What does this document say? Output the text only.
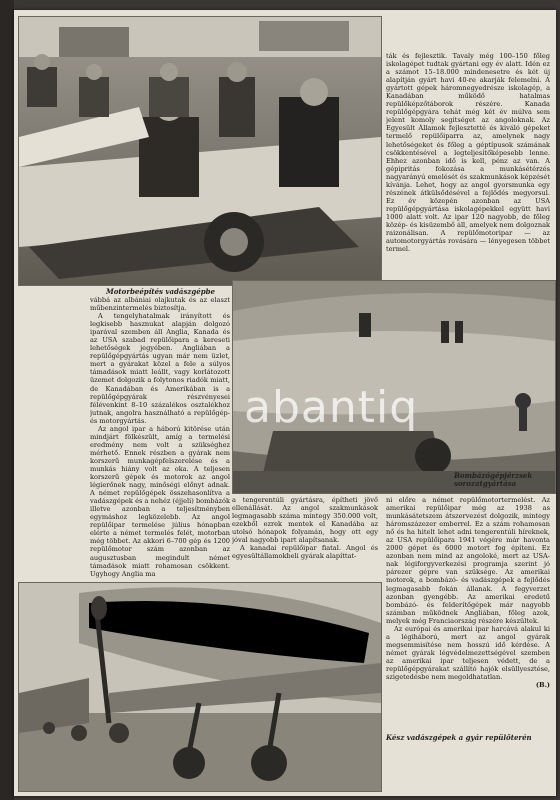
Motorbeépítés vadászgépbe

ták és fejlesztik. Tavaly még 100–150 főleg iskolagépet tudtak gyártani egy év alatt. Idén ez a számot 15–18.000 mindenesetre és két új alapítján gyárt havi 40-re akarják felemelni. A gyártott gépek háromnegyedrésze iskolagép, a Kanadában működő hatalmas repülőképzőtáborok részére. Kanada repülőgépgyára tehát még két év múlva sem jelent komoly segítséget az angoloknak. Az Egyesült Államok fejlesztetté és kiváló gépeket termelő repülőiparra az, amelynek nagy lehetőségeket és főleg a géptípusok számának csökkentésével a legteljesítőképesebb lenne. Ehhez azonban idő is kell, pénz az van. A gépipritás fokozása a munkásétérzés nagyarányú emelését és szakmunkások képzését kívánja. Lehet, hogy az angol gyorsmunka egy részének átkülsődésével a fejlődés megyorsul. Ez év közepén azonban az USA repülőgépgyártása iskolagépekkel együtt havi 1000 alatt volt. Az ipar 120 nagyobb, de főleg közép- és kisüzembő áll, amelyek nem dolgoznak raizonálisan. A repülőmotoripar — az automotorgyártás rovására — lényegesen többet termel.

Bombázógépjérzsek sorozatgyártása

vábbá az albániai olajkutak és az elaszt műbenzintermelés biztosítja.

A tengelyhatalmak irányított és legkisebb hasznukat alapján dolgozó iparával szemben áll Anglia, Kanada és az USA szabad repülőipara a kereseti lehetőségek jegyében. Angliában a repülőgépgyártás ugyan már nem üzlet, mert a gyárakat közel a fele a súlyos támadások miatt leállt, vagy korlátozott üzemet dolgozik a folytonos riadók miatt, de Kanadában és Amerikában is a repülőgépgyárak részvényesei félévenkint 8–10 százalékos osztalékhoz jutnak, angolra használható a repülőgép- és motorgyártás.

Az angol ipar a háború kitörése után mindjárt fölkészült, amíg a termelési eredmény nem volt a szükséghez mérhető. Ennek részben a gyárak nem korszerű munkagépfelszerelése és a munkás hiány volt az oka. A teljesen korszerű gépek és motorok az angol légierőnek nagy, minőségi előnyt adnak. A német repülőgépek összehasonlítva a vadászgépek és a nehéz (éjjeli) bombázók illetve azonban a teljesítményben egymáshoz legközelebb. Az angol repülőipar termelése július hónapban elérte a német termelés felét, motorban még többet. Az akkori 6–700 gép és 1200 repülőmotor szám azonban az augusztusban megindult német támadások miatt rohamosan csökkent. Ugyhogy Anglia ma

a tengerentúli gyártásra, építheti jövő ellenállását. Az angol szakmunkások legmagasabb száma mintegy 350.000 volt, ezekből ezrek mentek el Kanadába az utolsó hónapok folyamán, hogy ott egy jóval nagyobb ipart alapítsanak.

A kanadai repülőipar fiatal. Angol és egyesültállamokbeli gyárak alapíttat-

ni előre a német repülőmotortermelést. Az amerikai repülőipar még az 1938 as munkásátetszem átszervezést dolgozik, mintegy háromszázezer emberrel. Ez a szám rohamosan nő és ha hitelt lehet adni tengerentúli híreknek, az USA repülőipara 1941 végére már havonta 2000 gépet és 6000 motort fog építeni. Ez azonban nem mind az angoloké, mert az USA-nak légiforgyverkezési programja szerint jó párezer gépre van szüksége. Az amerikai motorok, a bombázó- és vadászgépek a fejlődés legmagasabb fokán állanak. A fegyverzet azonban gyengébb. Az amerikai eredetű bombázó- és felderítőgépek már nagyobb számban működnek Angliában, főleg azok, melyek még Franciaország részére készültek.

Az európai és amerikai ipar harcává alakul ki a légiháború, mert az angol gyárak megsemmisítése nem hosszú idő kérdése. A német gyárak légvédelmezettségével szemben az amerikai ipar teljesen védett, de a repülőgépgyárakat szállító hajók elsüllyesztése, szigetedésbe nem megoldhatatlan.

(B.)

Kész vadászgépek a gyár repülőterén
abantiq
